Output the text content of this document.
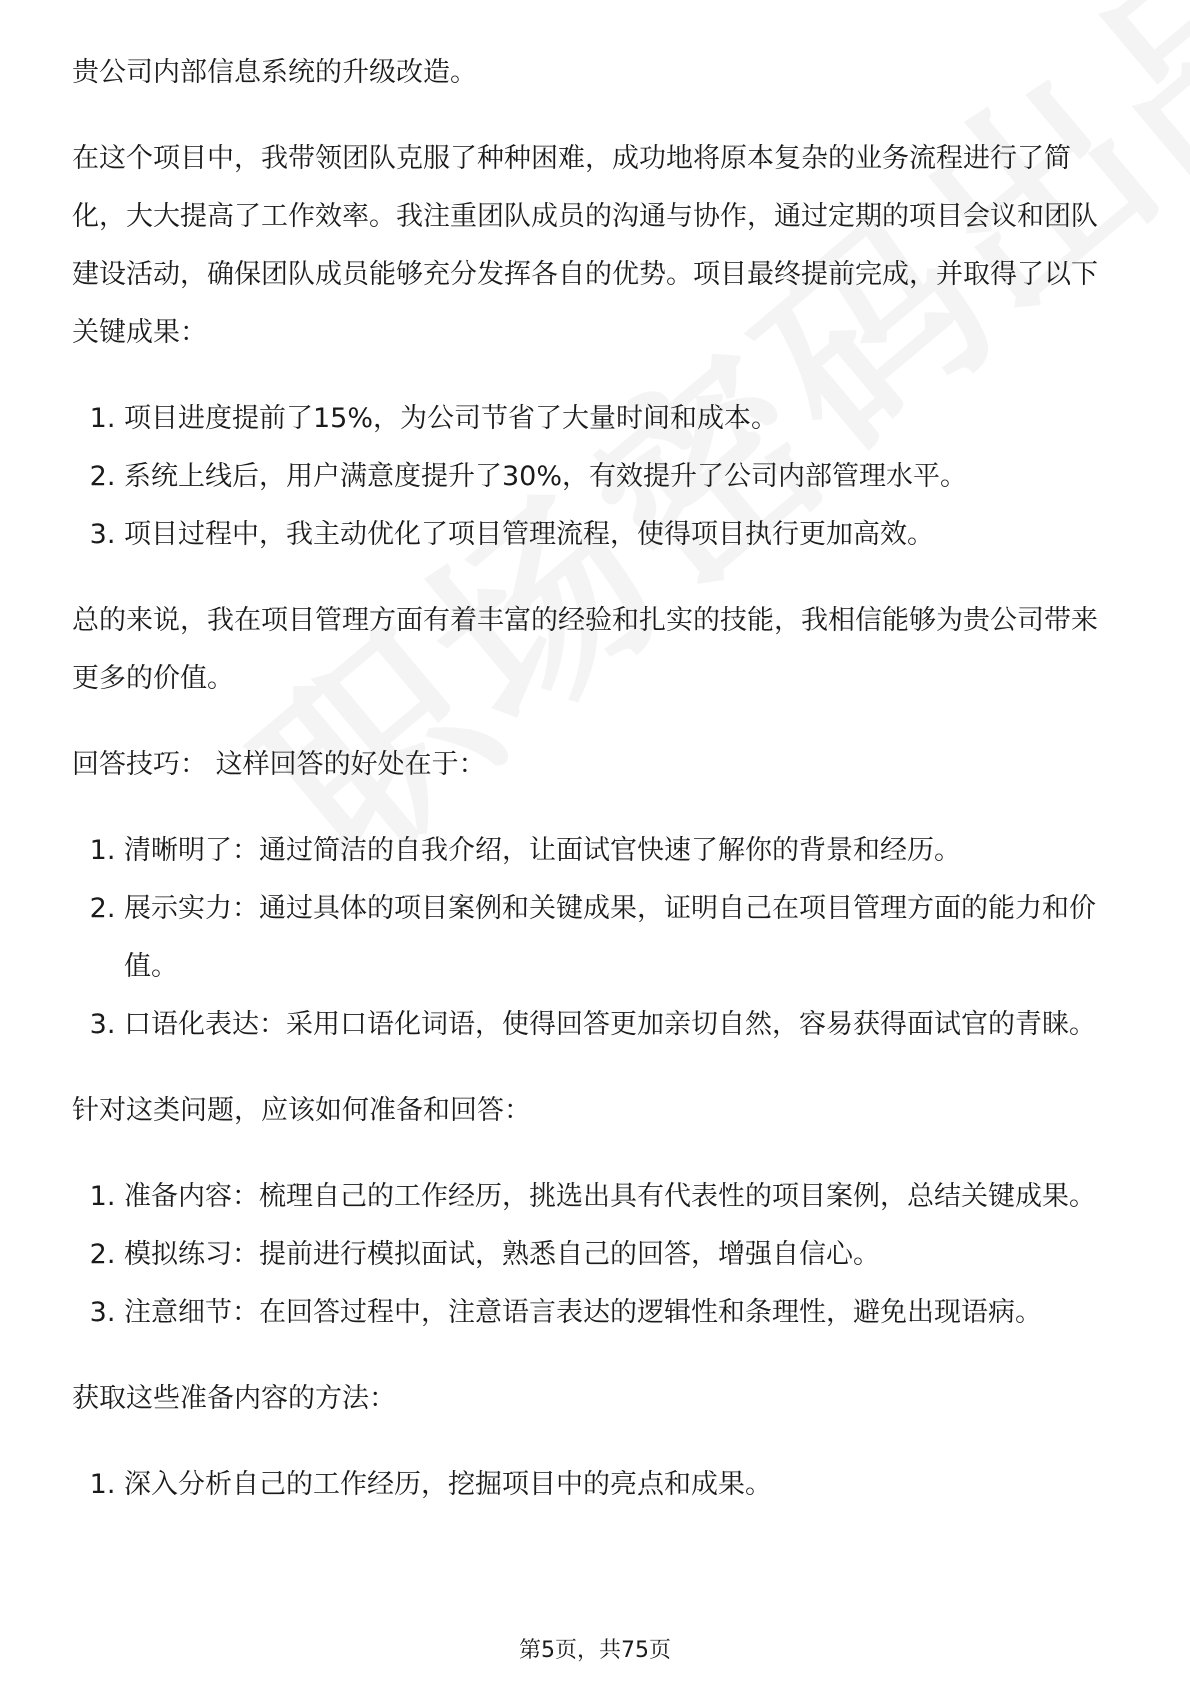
贵公司内部信息系统的升级改造。

在这个项目中，我带领团队克服了种种困难，成功地将原本复杂的业务流程进行了简化，大大提高了工作效率。我注重团队成员的沟通与协作，通过定期的项目会议和团队建设活动，确保团队成员能够充分发挥各自的优势。项目最终提前完成，并取得了以下关键成果：

1. 项目进度提前了15%，为公司节省了大量时间和成本。
2. 系统上线后，用户满意度提升了30%，有效提升了公司内部管理水平。
3. 项目过程中，我主动优化了项目管理流程，使得项目执行更加高效。

总的来说，我在项目管理方面有着丰富的经验和扎实的技能，我相信能够为贵公司带来更多的价值。

回答技巧： 这样回答的好处在于：

1. 清晰明了：通过简洁的自我介绍，让面试官快速了解你的背景和经历。
2. 展示实力：通过具体的项目案例和关键成果，证明自己在项目管理方面的能力和价值。
3. 口语化表达：采用口语化词语，使得回答更加亲切自然，容易获得面试官的青睐。

针对这类问题，应该如何准备和回答：

1. 准备内容：梳理自己的工作经历，挑选出具有代表性的项目案例，总结关键成果。
2. 模拟练习：提前进行模拟面试，熟悉自己的回答，增强自信心。
3. 注意细节：在回答过程中，注意语言表达的逻辑性和条理性，避免出现语病。

获取这些准备内容的方法：

1. 深入分析自己的工作经历，挖掘项目中的亮点和成果。
第5页，共75页
